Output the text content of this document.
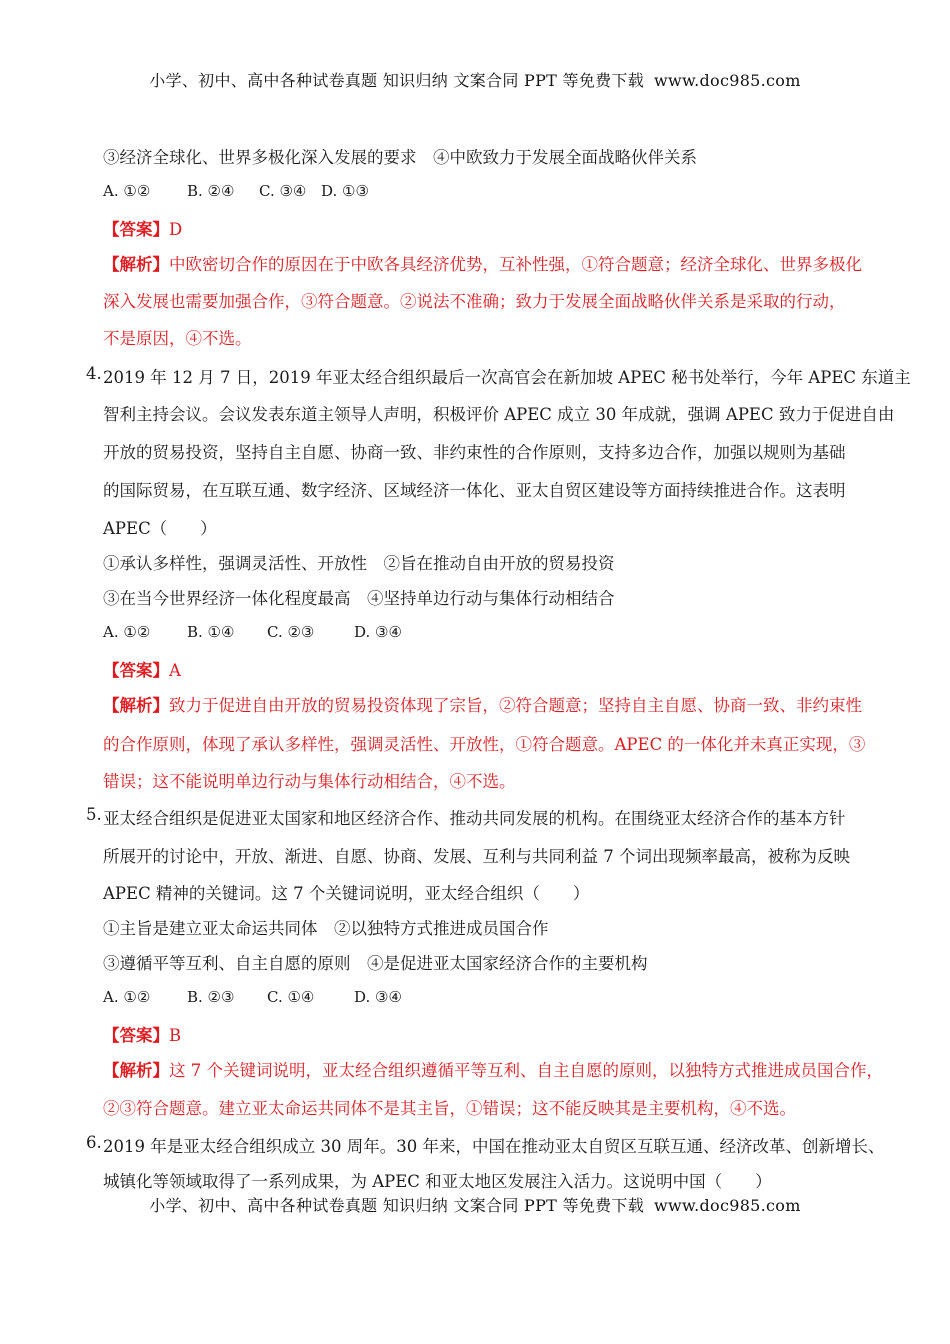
小学、初中、高中各种试卷真题 知识归纳 文案合同 PPT 等免费下载 www.doc985.com
③经济全球化、世界多极化深入发展的要求　④中欧致力于发展全面战略伙伴关系
A. ①② B. ②④ C. ③④ D. ①③
【答案】D
【解析】中欧密切合作的原因在于中欧各具经济优势，互补性强，①符合题意；经济全球化、世界多极化
深入发展也需要加强合作，③符合题意。②说法不准确；致力于发展全面战略伙伴关系是采取的行动，
不是原因，④不选。
4. 2019 年 12 月 7 日，2019 年亚太经合组织最后一次高官会在新加坡 APEC 秘书处举行，今年 APEC 东道主
智利主持会议。会议发表东道主领导人声明，积极评价 APEC 成立 30 年成就，强调 APEC 致力于促进自由
开放的贸易投资，坚持自主自愿、协商一致、非约束性的合作原则，支持多边合作，加强以规则为基础
的国际贸易，在互联互通、数字经济、区域经济一体化、亚太自贸区建设等方面持续推进合作。这表明
APEC（　　）
①承认多样性，强调灵活性、开放性　②旨在推动自由开放的贸易投资
③在当今世界经济一体化程度最高　④坚持单边行动与集体行动相结合
A. ①② B. ①④ C. ②③	D. ③④
【答案】A
【解析】致力于促进自由开放的贸易投资体现了宗旨，②符合题意；坚持自主自愿、协商一致、非约束性
的合作原则，体现了承认多样性，强调灵活性、开放性，①符合题意。APEC 的一体化并未真正实现，③
错误；这不能说明单边行动与集体行动相结合，④不选。
5. 亚太经合组织是促进亚太国家和地区经济合作、推动共同发展的机构。在围绕亚太经济合作的基本方针
所展开的讨论中，开放、渐进、自愿、协商、发展、互利与共同利益 7 个词出现频率最高，被称为反映
APEC 精神的关键词。这 7 个关键词说明，亚太经合组织（　　）
①主旨是建立亚太命运共同体　②以独特方式推进成员国合作
③遵循平等互利、自主自愿的原则　④是促进亚太国家经济合作的主要机构
A. ①② B. ②③ C. ①④	D. ③④
【答案】B
【解析】这 7 个关键词说明，亚太经合组织遵循平等互利、自主自愿的原则，以独特方式推进成员国合作，
②③符合题意。建立亚太命运共同体不是其主旨，①错误；这不能反映其是主要机构，④不选。
6. 2019 年是亚太经合组织成立 30 周年。30 年来，中国在推动亚太自贸区互联互通、经济改革、创新增长、
城镇化等领域取得了一系列成果，为 APEC 和亚太地区发展注入活力。这说明中国（　　）
小学、初中、高中各种试卷真题 知识归纳 文案合同 PPT 等免费下载 www.doc985.com
